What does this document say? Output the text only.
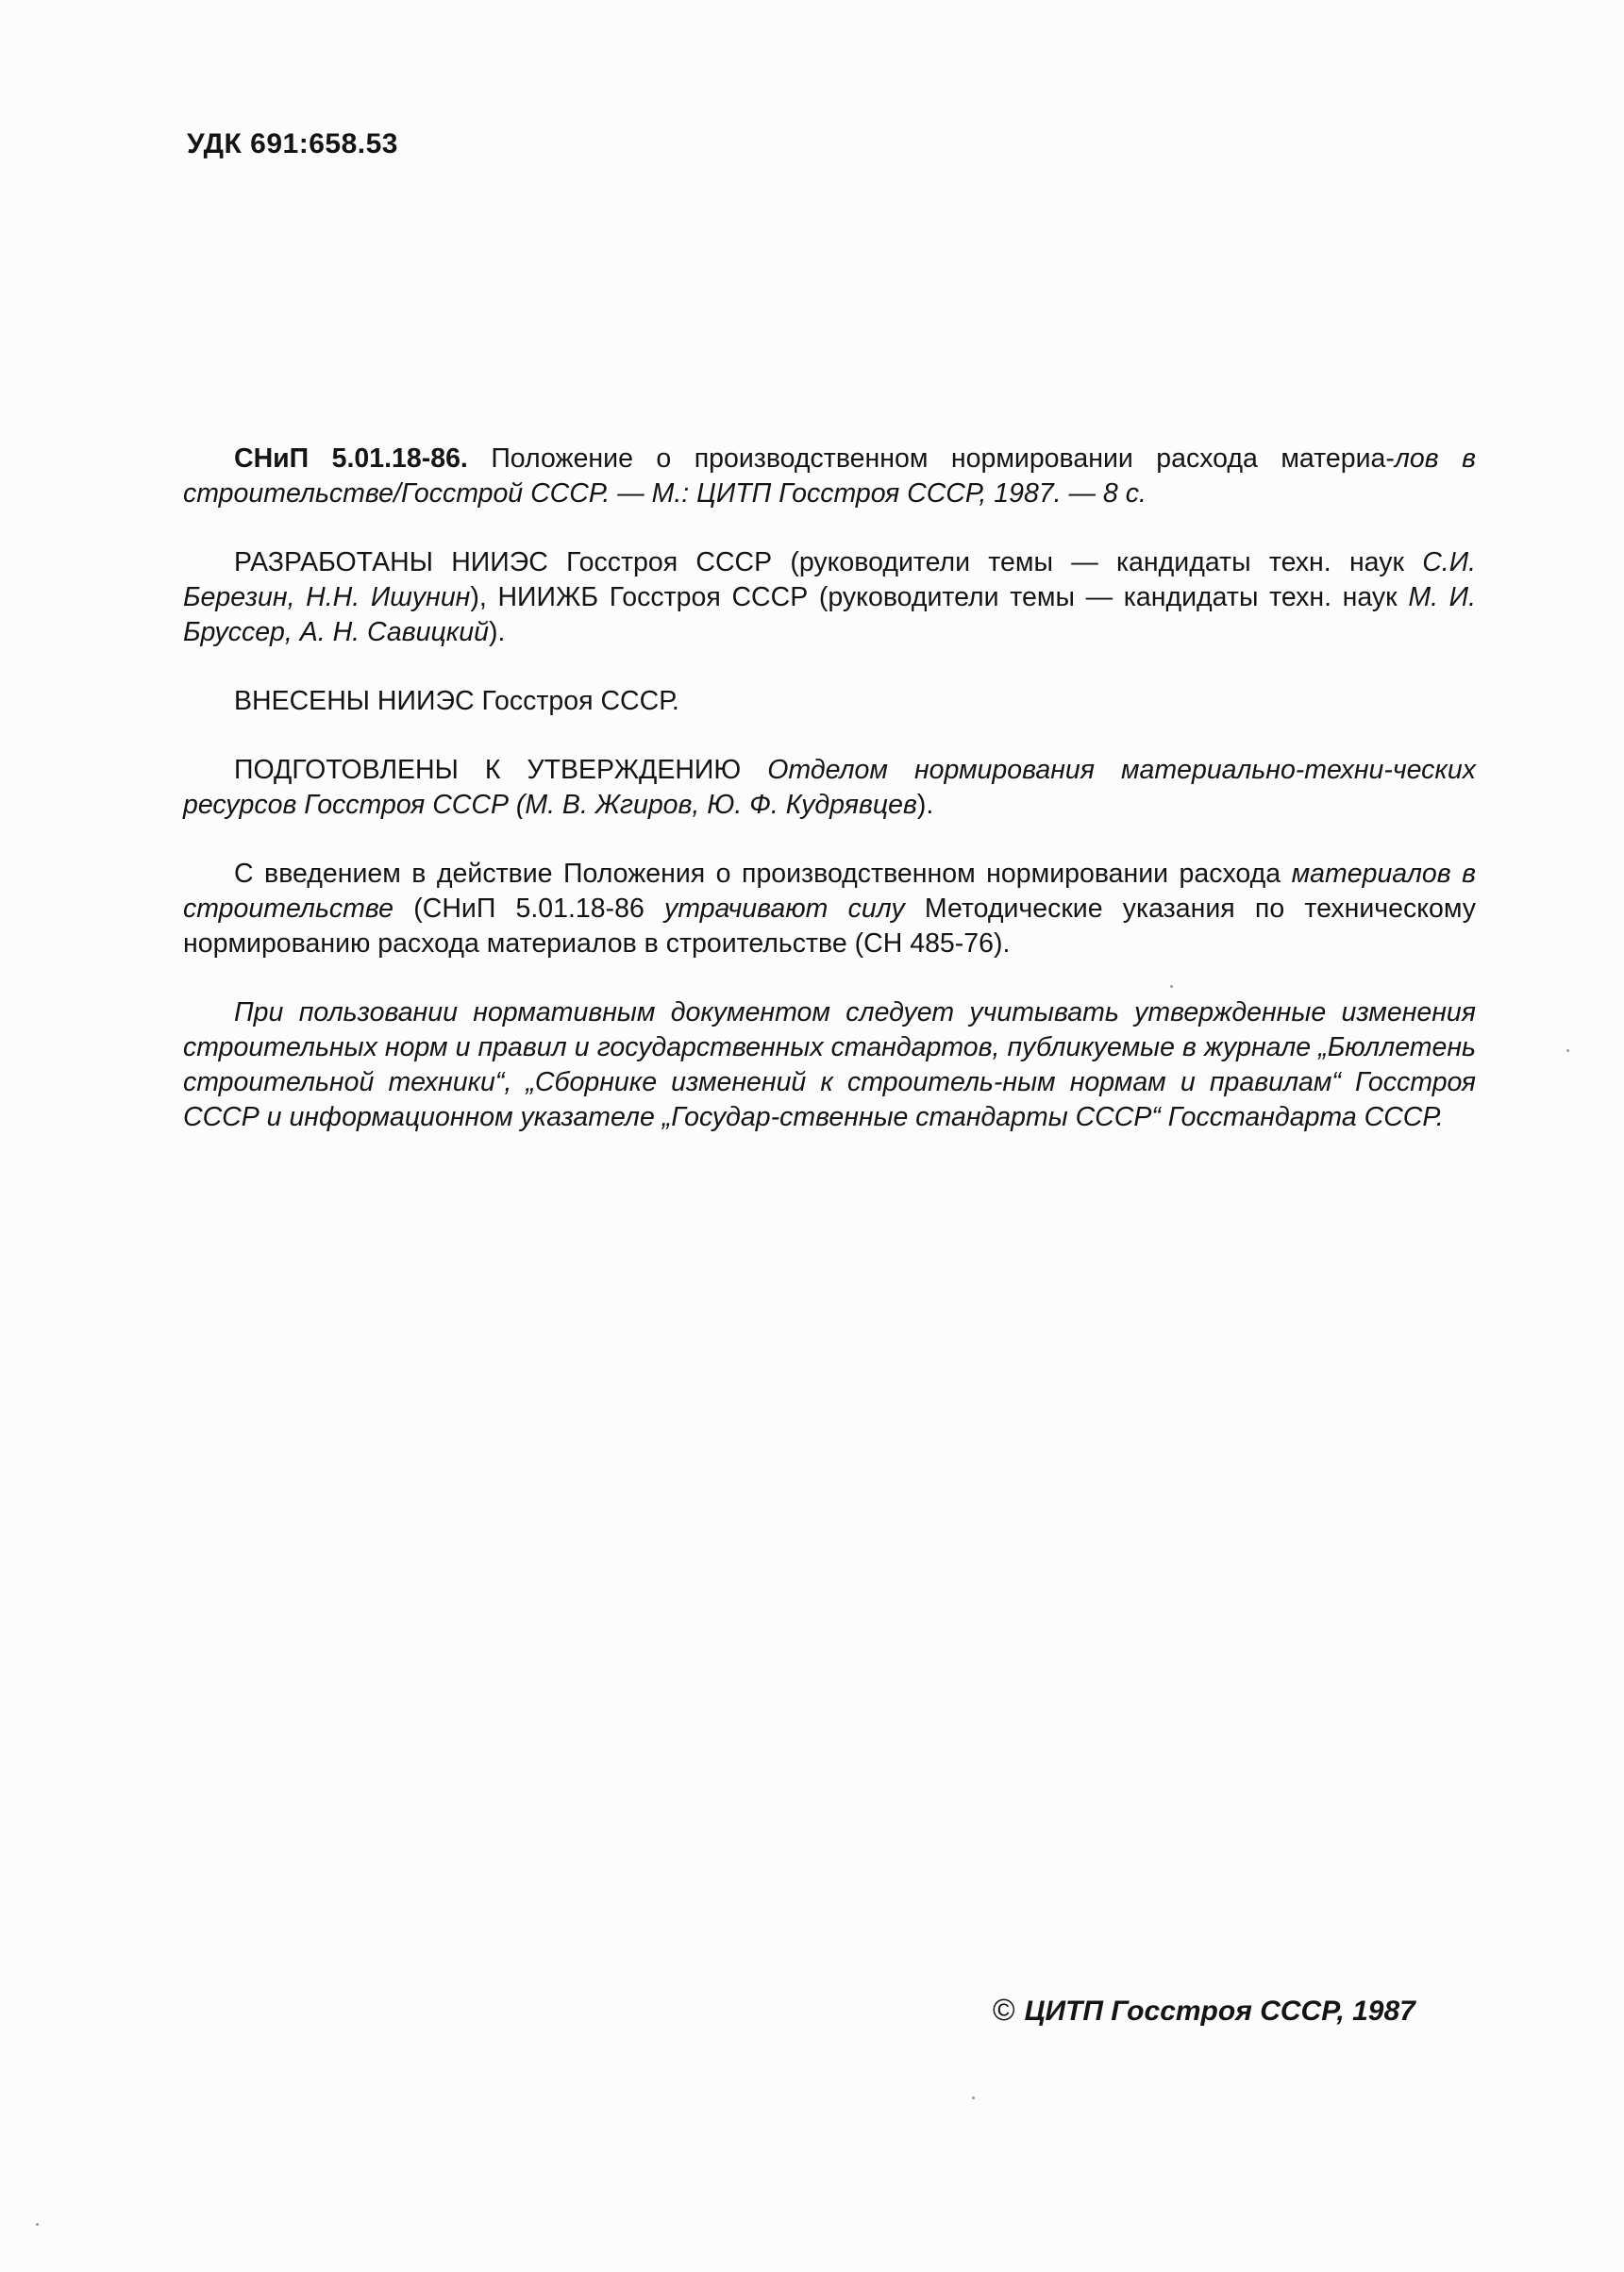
УДК 691:658.53

СНиП 5.01.18-86. Положение о производственном нормировании расхода материа-лов в строительстве/Госстрой СССР. — М.: ЦИТП Госстроя СССР, 1987. — 8 с.

РАЗРАБОТАНЫ НИИЭС Госстроя СССР (руководители темы — кандидаты техн. наук С.И. Березин, Н.Н. Ишунин), НИИЖБ Госстроя СССР (руководители темы — кандидаты техн. наук М. И. Бруссер, А. Н. Савицкий).

ВНЕСЕНЫ НИИЭС Госстроя СССР.

ПОДГОТОВЛЕНЫ К УТВЕРЖДЕНИЮ Отделом нормирования материально-техни-ческих ресурсов Госстроя СССР (М. В. Жгиров, Ю. Ф. Кудрявцев).

С введением в действие Положения о производственном нормировании расхода материалов в строительстве (СНиП 5.01.18-86 утрачивают силу Методические указания по техническому нормированию расхода материалов в строительстве (СН 485-76).

При пользовании нормативным документом следует учитывать утвержденные изменения строительных норм и правил и государственных стандартов, публикуемые в журнале „Бюллетень строительной техники“, „Сборнике изменений к строитель-ным нормам и правилам“ Госстроя СССР и информационном указателе „Государ-ственные стандарты СССР“ Госстандарта СССР.

© ЦИТП Госстроя СССР, 1987
